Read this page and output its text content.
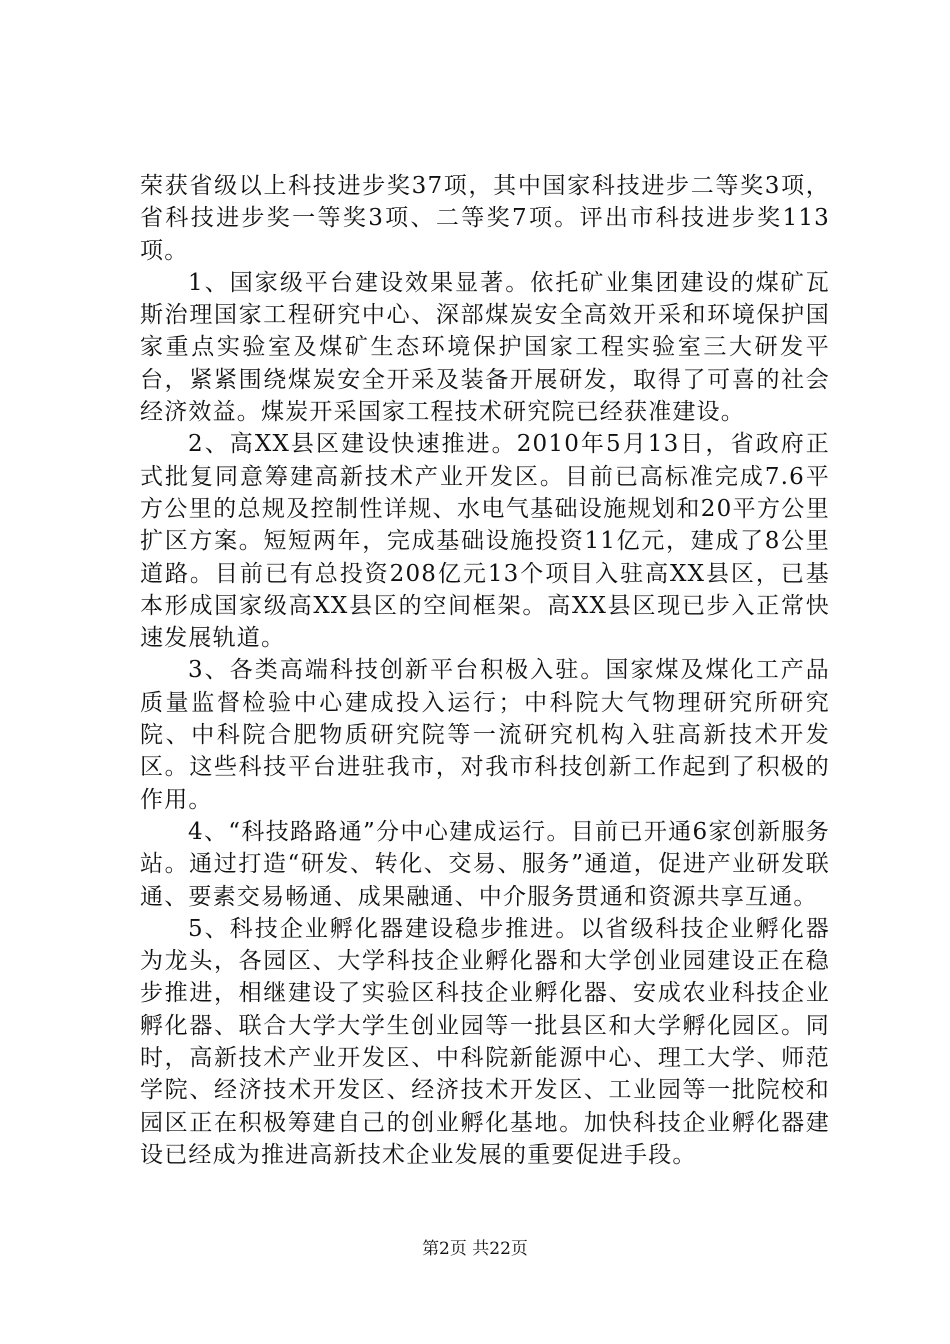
荣获省级以上科技进步奖37项，其中国家科技进步二等奖3项，省科技进步奖一等奖3项、二等奖7项。评出市科技进步奖113项。

1、国家级平台建设效果显著。依托矿业集团建设的煤矿瓦斯治理国家工程研究中心、深部煤炭安全高效开采和环境保护国家重点实验室及煤矿生态环境保护国家工程实验室三大研发平台，紧紧围绕煤炭安全开采及装备开展研发，取得了可喜的社会经济效益。煤炭开采国家工程技术研究院已经获准建设。

2、高XX县区建设快速推进。2010年5月13日，省政府正式批复同意筹建高新技术产业开发区。目前已高标准完成7.6平方公里的总规及控制性详规、水电气基础设施规划和20平方公里扩区方案。短短两年，完成基础设施投资11亿元，建成了8公里道路。目前已有总投资208亿元13个项目入驻高XX县区，已基本形成国家级高XX县区的空间框架。高XX县区现已步入正常快速发展轨道。

3、各类高端科技创新平台积极入驻。国家煤及煤化工产品质量监督检验中心建成投入运行；中科院大气物理研究所研究院、中科院合肥物质研究院等一流研究机构入驻高新技术开发区。这些科技平台进驻我市，对我市科技创新工作起到了积极的作用。

4、“科技路路通”分中心建成运行。目前已开通6家创新服务站。通过打造“研发、转化、交易、服务”通道，促进产业研发联通、要素交易畅通、成果融通、中介服务贯通和资源共享互通。

5、科技企业孵化器建设稳步推进。以省级科技企业孵化器为龙头，各园区、大学科技企业孵化器和大学创业园建设正在稳步推进，相继建设了实验区科技企业孵化器、安成农业科技企业孵化器、联合大学大学生创业园等一批县区和大学孵化园区。同时，高新技术产业开发区、中科院新能源中心、理工大学、师范学院、经济技术开发区、经济技术开发区、工业园等一批院校和园区正在积极筹建自己的创业孵化基地。加快科技企业孵化器建设已经成为推进高新技术企业发展的重要促进手段。

第2页 共22页
